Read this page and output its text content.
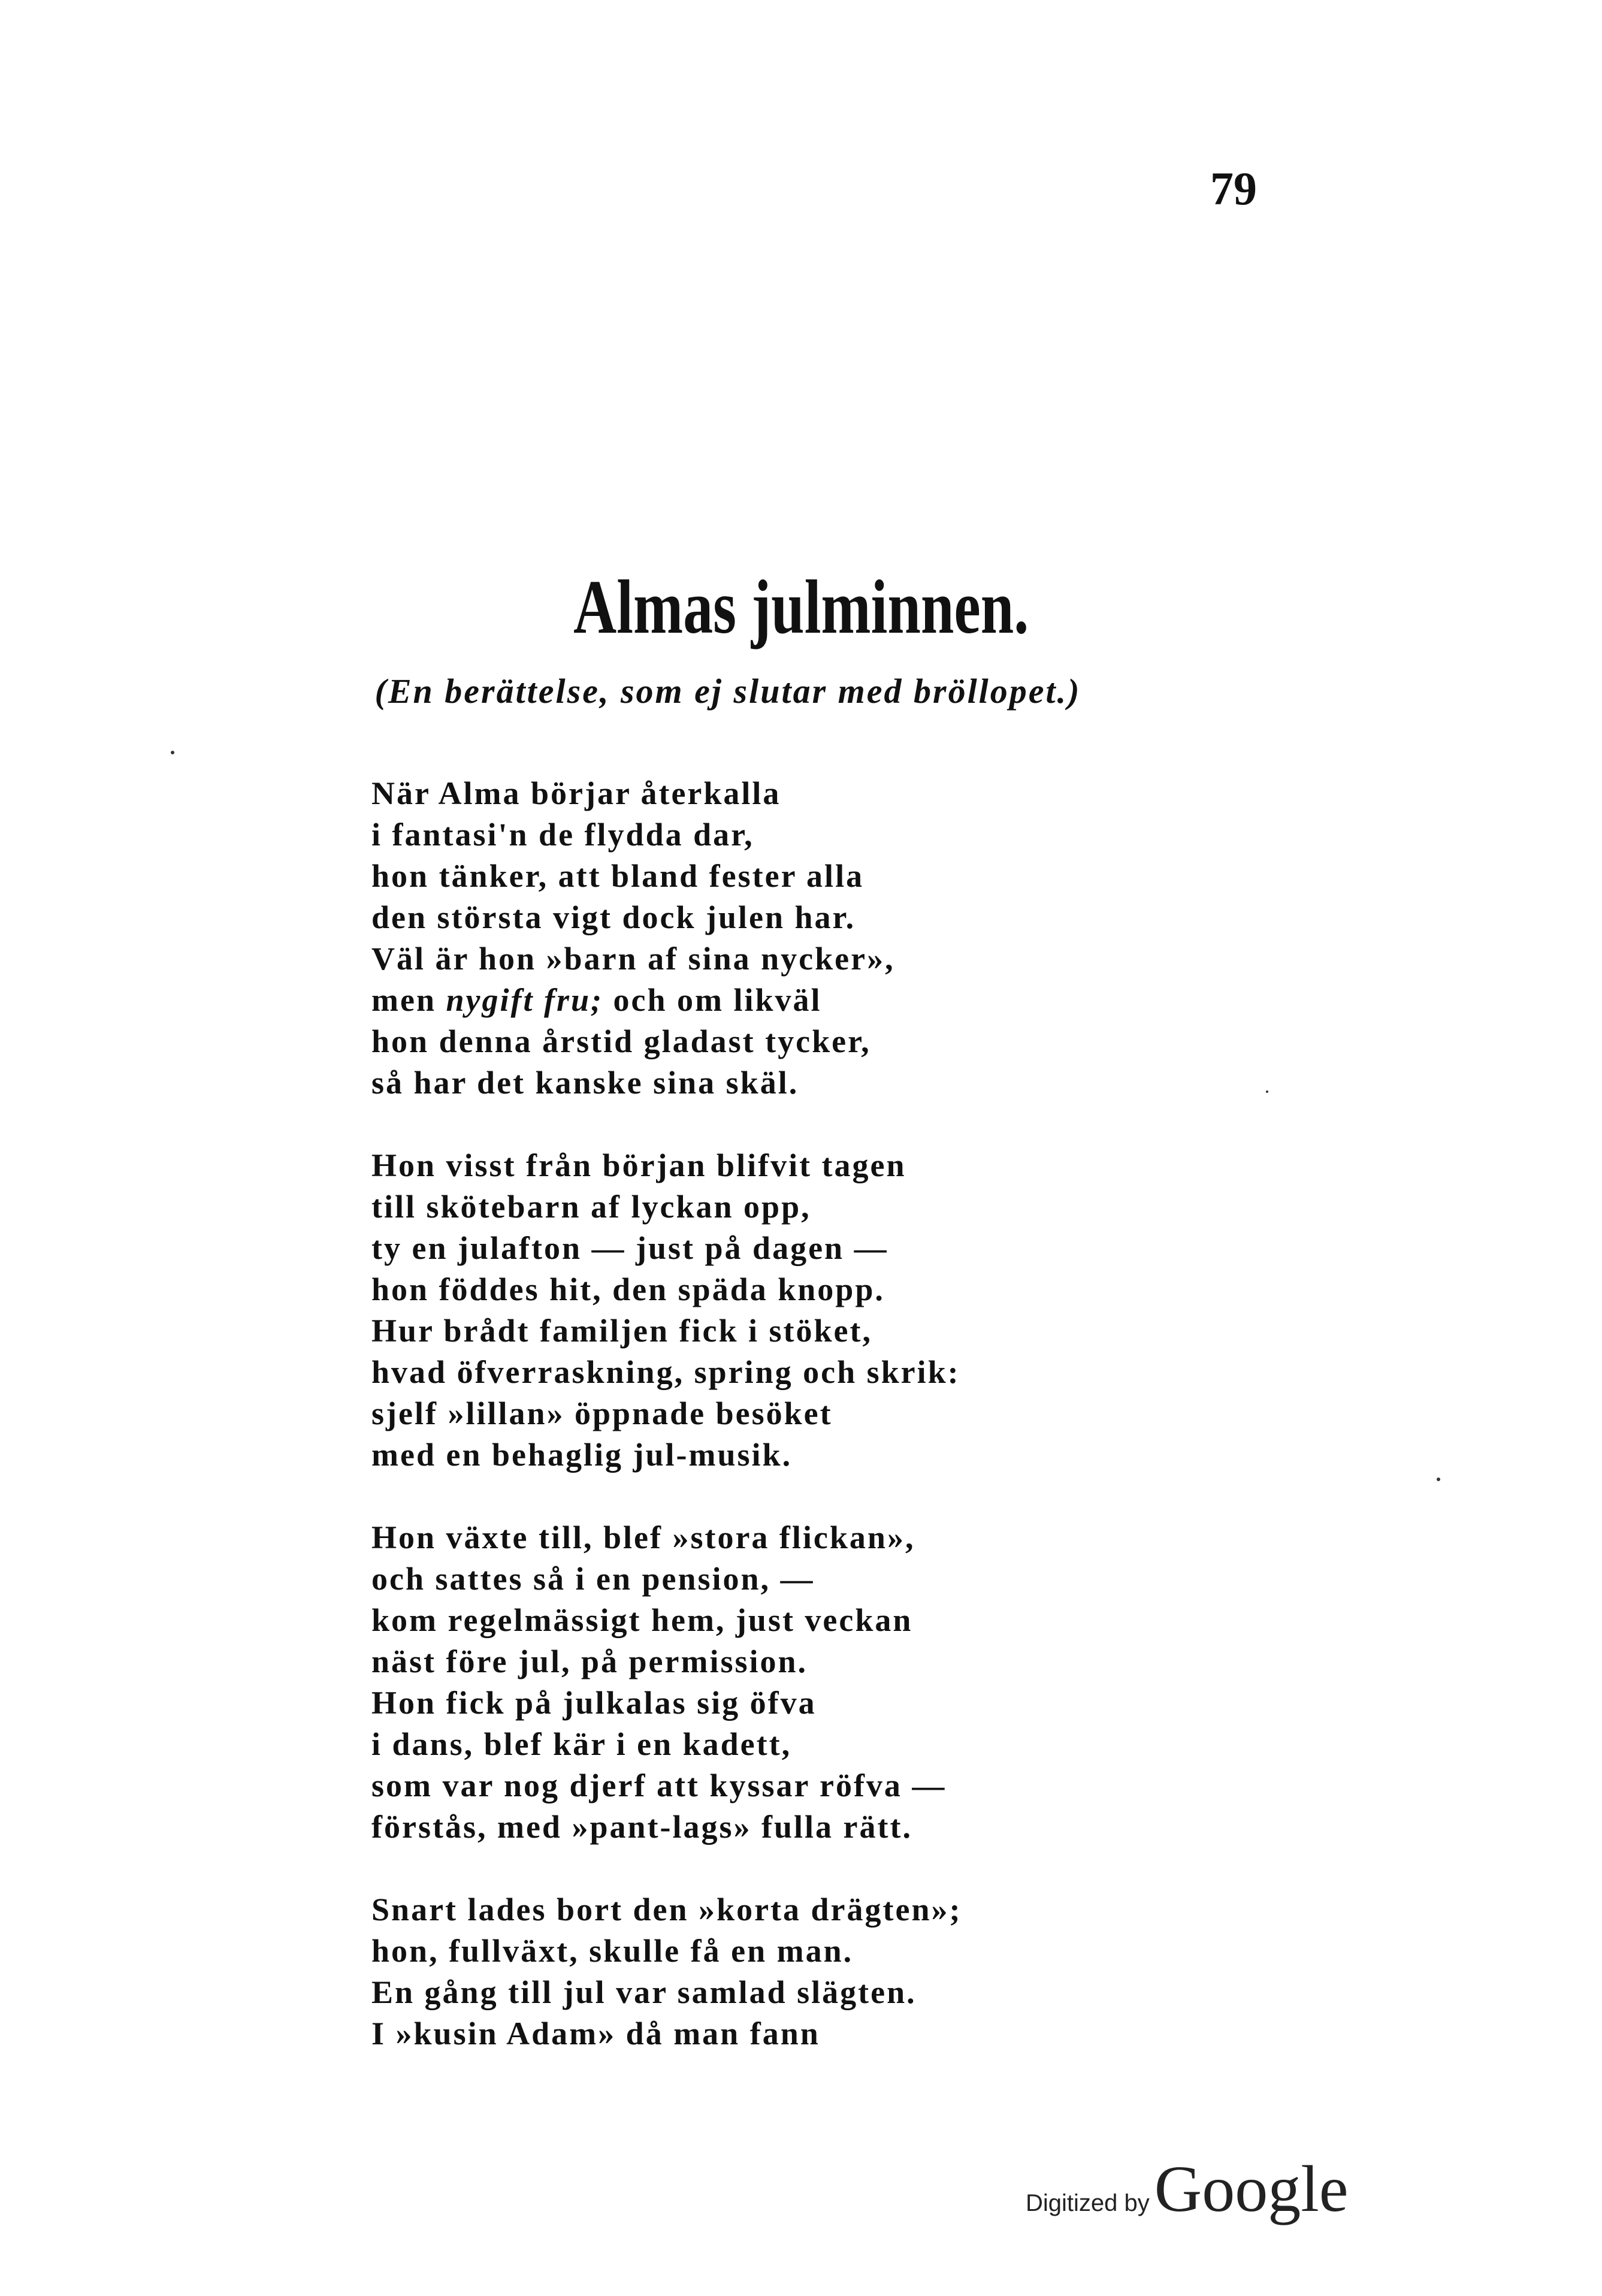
79
Almas julminnen.
(En berättelse, som ej slutar med bröllopet.)
När Alma börjar återkalla
i fantasi'n de flydda dar,
hon tänker, att bland fester alla
den största vigt dock julen har.
Väl är hon »barn af sina nycker»,
men nygift fru; och om likväl
hon denna årstid gladast tycker,
så har det kanske sina skäl.
Hon visst från början blifvit tagen
till skötebarn af lyckan opp,
ty en julafton — just på dagen —
hon föddes hit, den späda knopp.
Hur brådt familjen fick i stöket,
hvad öfverraskning, spring och skrik:
sjelf »lillan» öppnade besöket
med en behaglig jul-musik.
Hon växte till, blef »stora flickan»,
och sattes så i en pension, —
kom regelmässigt hem, just veckan
näst före jul, på permission.
Hon fick på julkalas sig öfva
i dans, blef kär i en kadett,
som var nog djerf att kyssar röfva —
förstås, med »pant-lags» fulla rätt.
Snart lades bort den »korta drägten»;
hon, fullväxt, skulle få en man.
En gång till jul var samlad slägten.
I »kusin Adam» då man fann
Digitized by Google
